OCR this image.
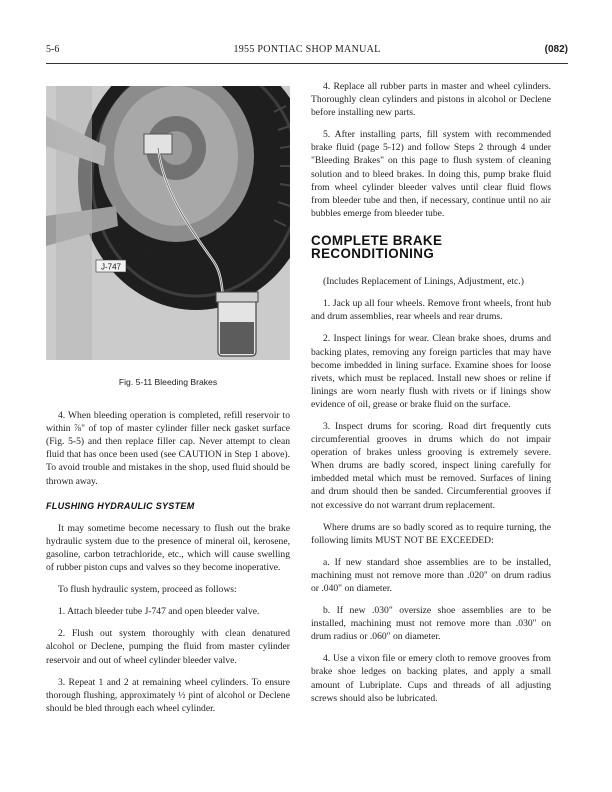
5-6	1955 PONTIAC SHOP MANUAL	(082)
J-747
Fig. 5-11 Bleeding Brakes

4. When bleeding operation is completed, refill reservoir to within ⅞" of top of master cylinder filler neck gasket surface (Fig. 5-5) and then replace filler cap. Never attempt to clean fluid that has once been used (see CAUTION in Step 1 above). To avoid trouble and mistakes in the shop, used fluid should be thrown away.

FLUSHING HYDRAULIC SYSTEM

It may sometime become necessary to flush out the brake hydraulic system due to the presence of mineral oil, kerosene, gasoline, carbon tetrachloride, etc., which will cause swelling of rubber piston cups and valves so they become inoperative.

To flush hydraulic system, proceed as follows:

1. Attach bleeder tube J-747 and open bleeder valve.

2. Flush out system thoroughly with clean denatured alcohol or Declene, pumping the fluid from master cylinder reservoir and out of wheel cylinder bleeder valve.

3. Repeat 1 and 2 at remaining wheel cylinders. To ensure thorough flushing, approximately ½ pint of alcohol or Declene should be bled through each wheel cylinder.

4. Replace all rubber parts in master and wheel cylinders. Thoroughly clean cylinders and pistons in alcohol or Declene before installing new parts.

5. After installing parts, fill system with recommended brake fluid (page 5-12) and follow Steps 2 through 4 under "Bleeding Brakes" on this page to flush system of cleaning solution and to bleed brakes. In doing this, pump brake fluid from wheel cylinder bleeder valves until clear fluid flows from bleeder tube and then, if necessary, continue until no air bubbles emerge from bleeder tube.

COMPLETE BRAKE RECONDITIONING

(Includes Replacement of Linings, Adjustment, etc.)

1. Jack up all four wheels. Remove front wheels, front hub and drum assemblies, rear wheels and rear drums.

2. Inspect linings for wear. Clean brake shoes, drums and backing plates, removing any foreign particles that may have become imbedded in lining surface. Examine shoes for loose rivets, which must be replaced. Install new shoes or reline if linings are worn nearly flush with rivets or if linings show evidence of oil, grease or brake fluid on the surface.

3. Inspect drums for scoring. Road dirt frequently cuts circumferential grooves in drums which do not impair operation of brakes unless grooving is extremely severe. When drums are badly scored, inspect lining carefully for imbedded metal which must be removed. Surfaces of lining and drum should then be sanded. Circumferential grooves if not excessive do not warrant drum replacement.

Where drums are so badly scored as to require turning, the following limits MUST NOT BE EXCEEDED:

a. If new standard shoe assemblies are to be installed, machining must not remove more than .020" on drum radius or .040" on diameter.

b. If new .030" oversize shoe assemblies are to be installed, machining must not remove more than .030" on drum radius or .060" on diameter.

4. Use a vixon file or emery cloth to remove grooves from brake shoe ledges on backing plates, and apply a small amount of Lubriplate. Cups and threads of all adjusting screws should also be lubricated.
